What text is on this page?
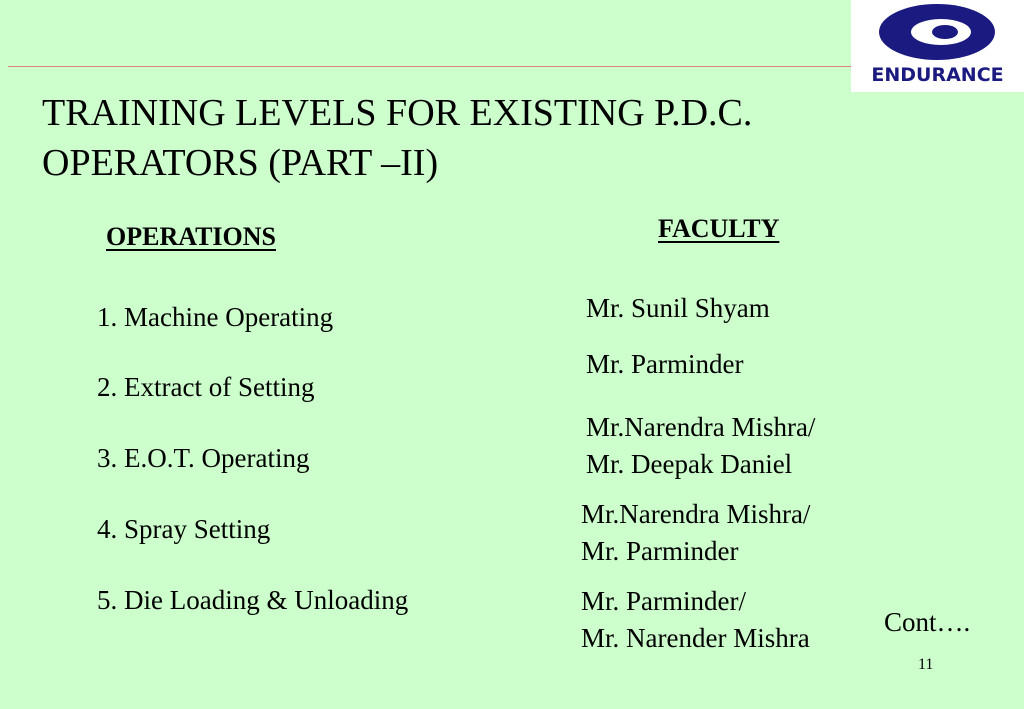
ENDURANCE
TRAINING LEVELS FOR EXISTING P.D.C.
OPERATORS (PART –II)
OPERATIONS	FACULTY
1. Machine Operating
2. Extract of Setting
3. E.O.T. Operating
4. Spray Setting
5. Die Loading & Unloading
Mr. Sunil Shyam
Mr. Parminder
Mr.Narendra Mishra/
Mr. Deepak Daniel
Mr.Narendra Mishra/
Mr. Parminder
Mr. Parminder/
Mr. Narender Mishra
Cont….
11
